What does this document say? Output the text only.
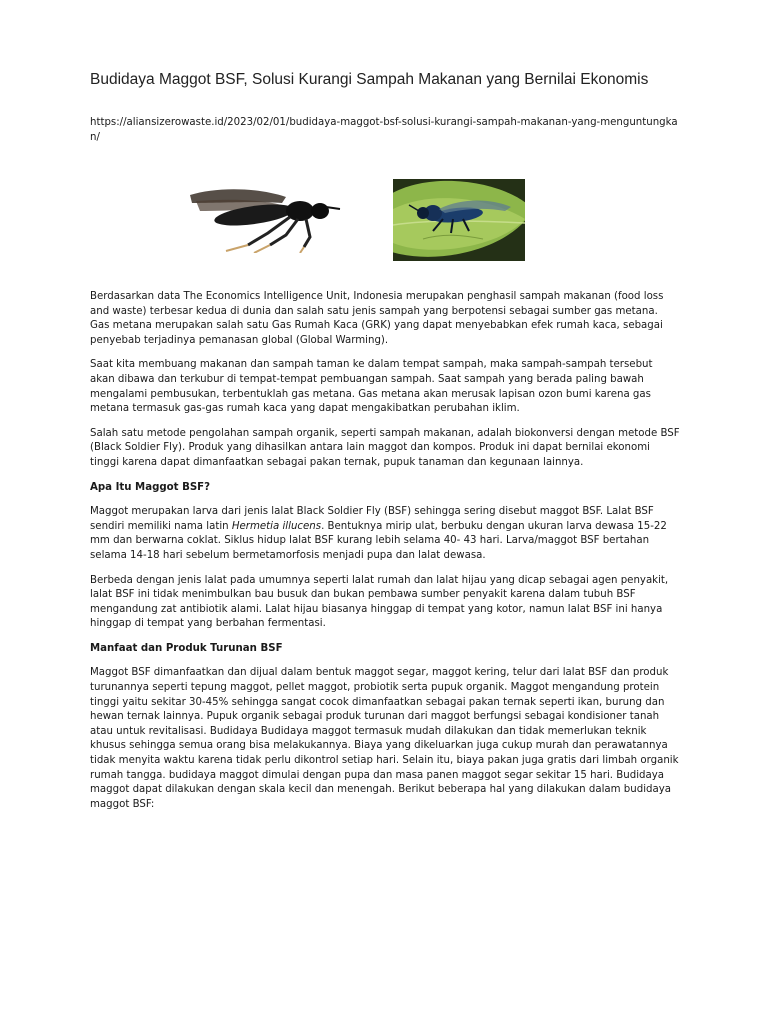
Budidaya Maggot BSF, Solusi Kurangi Sampah Makanan yang Bernilai Ekonomis
https://aliansizerowaste.id/2023/02/01/budidaya-maggot-bsf-solusi-kurangi-sampah-makanan-yang-menguntungkan/

Berdasarkan data The Economics Intelligence Unit, Indonesia merupakan penghasil sampah makanan (food loss and waste) terbesar kedua di dunia dan salah satu jenis sampah yang berpotensi sebagai sumber gas metana. Gas metana merupakan salah satu Gas Rumah Kaca (GRK) yang dapat menyebabkan efek rumah kaca, sebagai penyebab terjadinya pemanasan global (Global Warming).

Saat kita membuang makanan dan sampah taman ke dalam tempat sampah, maka sampah-sampah tersebut akan dibawa dan terkubur di tempat-tempat pembuangan sampah. Saat sampah yang berada paling bawah mengalami pembusukan, terbentuklah gas metana. Gas metana akan merusak lapisan ozon bumi karena gas metana termasuk gas-gas rumah kaca yang dapat mengakibatkan perubahan iklim.

Salah satu metode pengolahan sampah organik, seperti sampah makanan, adalah biokonversi dengan metode BSF (Black Soldier Fly). Produk yang dihasilkan antara lain maggot dan kompos. Produk ini dapat bernilai ekonomi tinggi karena dapat dimanfaatkan sebagai pakan ternak, pupuk tanaman dan kegunaan lainnya.

Apa Itu Maggot BSF?

Maggot merupakan larva dari jenis lalat Black Soldier Fly (BSF) sehingga sering disebut maggot BSF. Lalat BSF sendiri memiliki nama latin Hermetia illucens. Bentuknya mirip ulat, berbuku dengan ukuran larva dewasa 15-22 mm dan berwarna coklat. Siklus hidup lalat BSF kurang lebih selama 40- 43 hari. Larva/maggot BSF bertahan selama 14-18 hari sebelum bermetamorfosis menjadi pupa dan lalat dewasa.

Berbeda dengan jenis lalat pada umumnya seperti lalat rumah dan lalat hijau yang dicap sebagai agen penyakit, lalat BSF ini tidak menimbulkan bau busuk dan bukan pembawa sumber penyakit karena dalam tubuh BSF mengandung zat antibiotik alami. Lalat hijau biasanya hinggap di tempat yang kotor, namun lalat BSF ini hanya hinggap di tempat yang berbahan fermentasi.

Manfaat dan Produk Turunan BSF

Maggot BSF dimanfaatkan dan dijual dalam bentuk maggot segar, maggot kering, telur dari lalat BSF dan produk turunannya seperti tepung maggot, pellet maggot, probiotik serta pupuk organik. Maggot mengandung protein tinggi yaitu sekitar 30-45% sehingga sangat cocok dimanfaatkan sebagai pakan ternak seperti ikan, burung dan hewan ternak lainnya. Pupuk organik sebagai produk turunan dari maggot berfungsi sebagai kondisioner tanah atau untuk revitalisasi. Budidaya Budidaya maggot termasuk mudah dilakukan dan tidak memerlukan teknik khusus sehingga semua orang bisa melakukannya. Biaya yang dikeluarkan juga cukup murah dan perawatannya tidak menyita waktu karena tidak perlu dikontrol setiap hari. Selain itu, biaya pakan juga gratis dari limbah organik rumah tangga. budidaya maggot dimulai dengan pupa dan masa panen maggot segar sekitar 15 hari. Budidaya maggot dapat dilakukan dengan skala kecil dan menengah. Berikut beberapa hal yang dilakukan dalam budidaya maggot BSF:
